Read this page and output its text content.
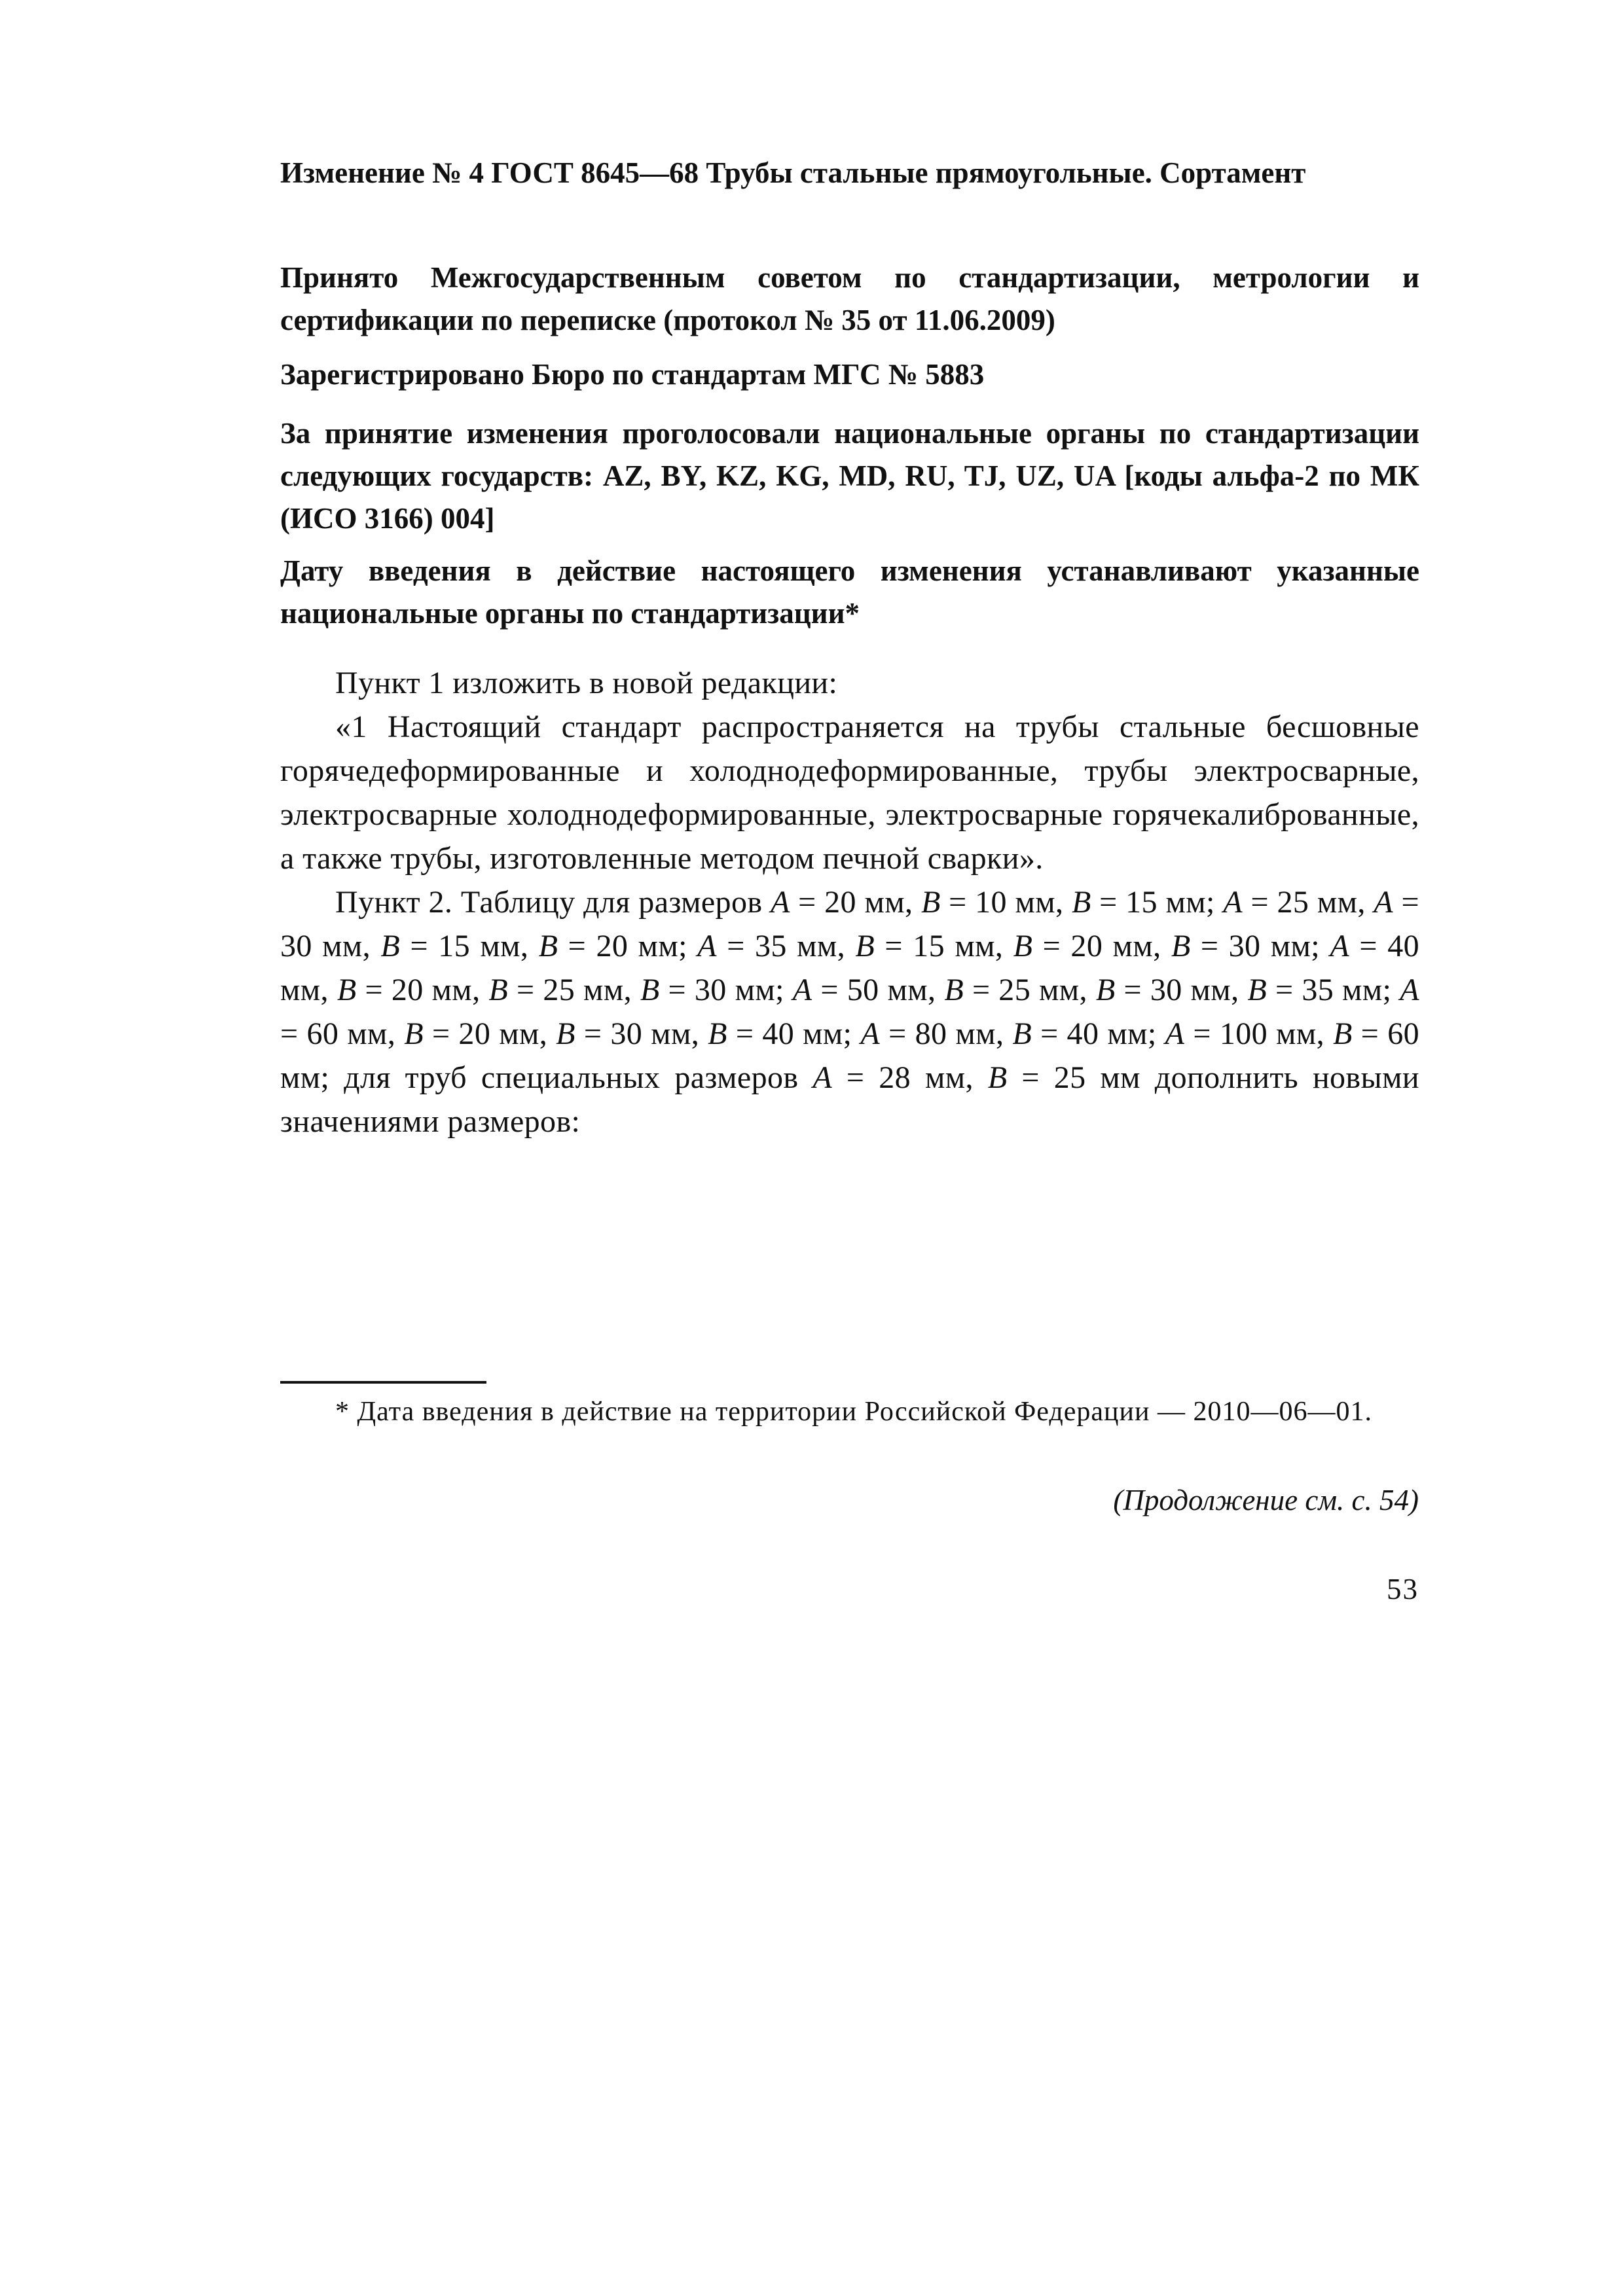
Изменение № 4 ГОСТ 8645—68 Трубы стальные прямоугольные. Сортамент

Принято Межгосударственным советом по стандартизации, метрологии и сертификации по переписке (протокол № 35 от 11.06.2009)

Зарегистрировано Бюро по стандартам МГС № 5883

За принятие изменения проголосовали национальные органы по стандартизации следующих государств: AZ, BY, KZ, KG, MD, RU, TJ, UZ, UA [коды альфа-2 по МК (ИСО 3166) 004]

Дату введения в действие настоящего изменения устанавливают указанные национальные органы по стандартизации*

Пункт 1 изложить в новой редакции:

«1 Настоящий стандарт распространяется на трубы стальные бесшовные горячедеформированные и холоднодеформированные, трубы электросварные, электросварные холоднодеформированные, электросварные горячекалиброванные, а также трубы, изготовленные методом печной сварки».

Пункт 2. Таблицу для размеров A = 20 мм, B = 10 мм, B = 15 мм; A = 25 мм, A = 30 мм, B = 15 мм, B = 20 мм; A = 35 мм, B = 15 мм, B = 20 мм, B = 30 мм; A = 40 мм, B = 20 мм, B = 25 мм, B = 30 мм; A = 50 мм, B = 25 мм, B = 30 мм, B = 35 мм; A = 60 мм, B = 20 мм, B = 30 мм, B = 40 мм; A = 80 мм, B = 40 мм; A = 100 мм, B = 60 мм; для труб специальных размеров A = 28 мм, B = 25 мм дополнить новыми значениями размеров:

* Дата введения в действие на территории Российской Федерации — 2010—06—01.

(Продолжение см. с. 54)
53
